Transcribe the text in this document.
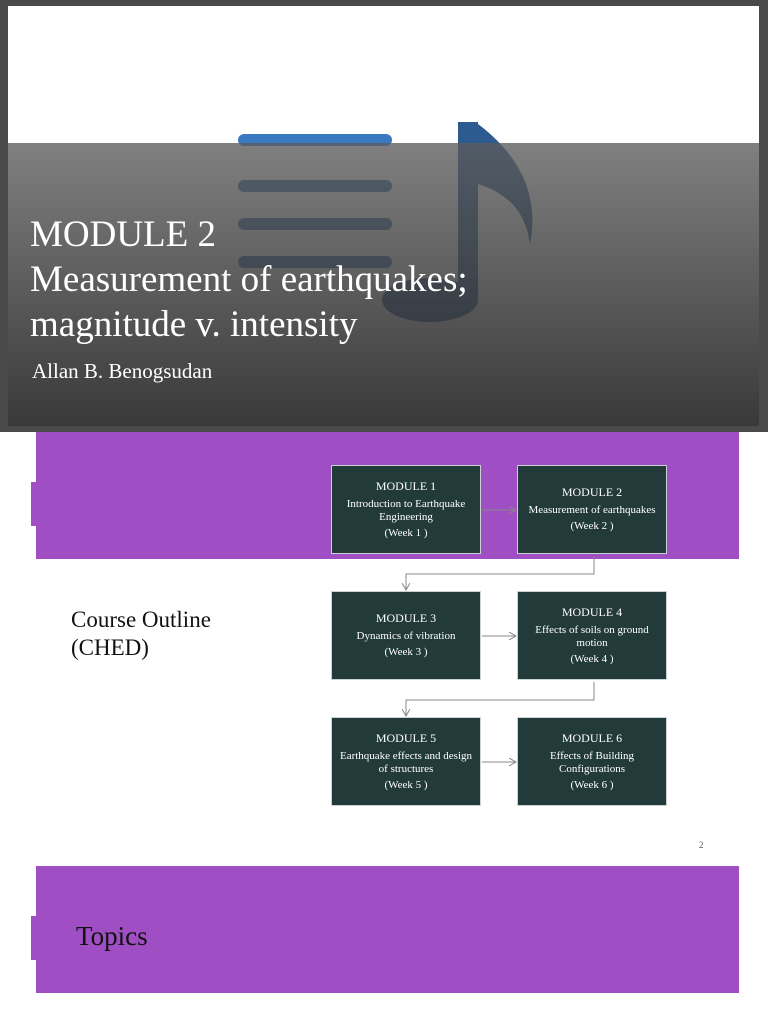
MODULE 2
Measurement of earthquakes;
magnitude v. intensity

Allan B. Benogsudan

Course Outline
(CHED)
MODULE 1
Introduction to Earthquake Engineering
(Week 1 )
MODULE 2
Measurement of earthquakes
(Week 2 )
MODULE 3
Dynamics of vibration
(Week 3 )
MODULE 4
Effects of soils on ground motion
(Week 4 )
MODULE 5
Earthquake effects and design of structures
(Week 5 )
MODULE 6
Effects of Building Configurations
(Week 6 )
2
Topics
